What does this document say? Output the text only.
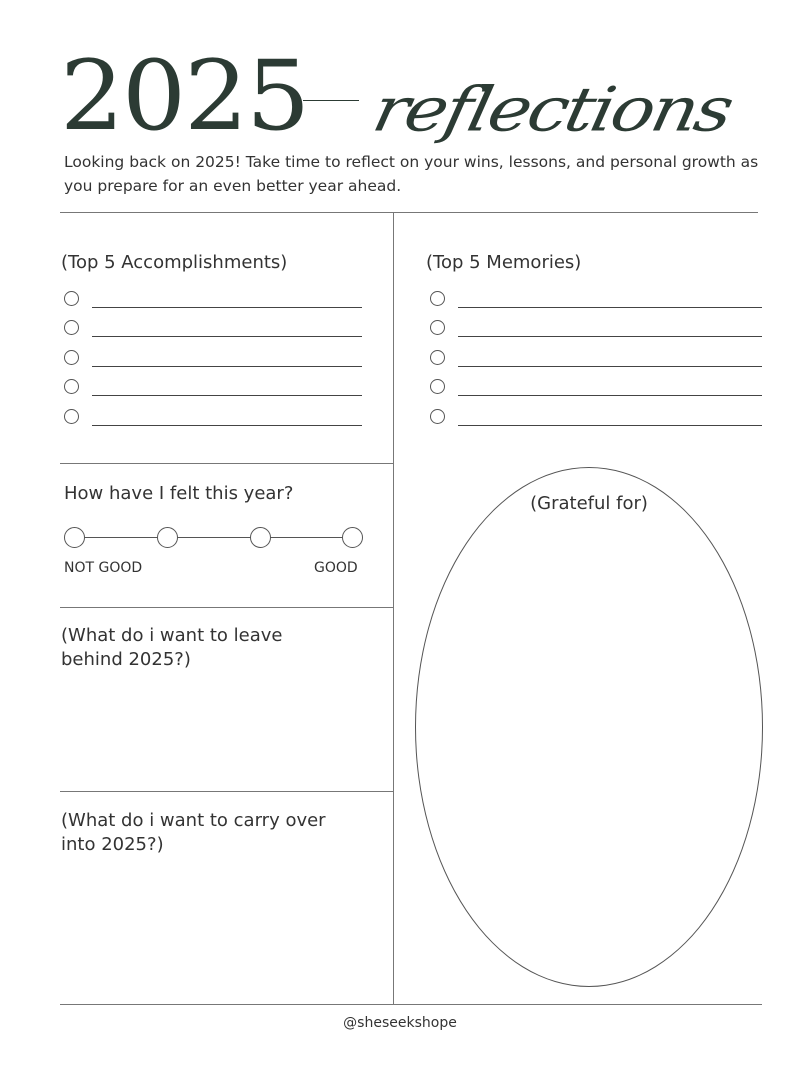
2025 reflections
Looking back on 2025! Take time to reflect on your wins, lessons, and personal growth as you prepare for an even better year ahead.
(Top 5 Accomplishments)	(Top 5 Memories)
How have I felt this year?
NOT GOOD	GOOD
(What do i want to leave behind 2025?)
(What do i want to carry over into 2025?)
(Grateful for)
@sheseekshope
